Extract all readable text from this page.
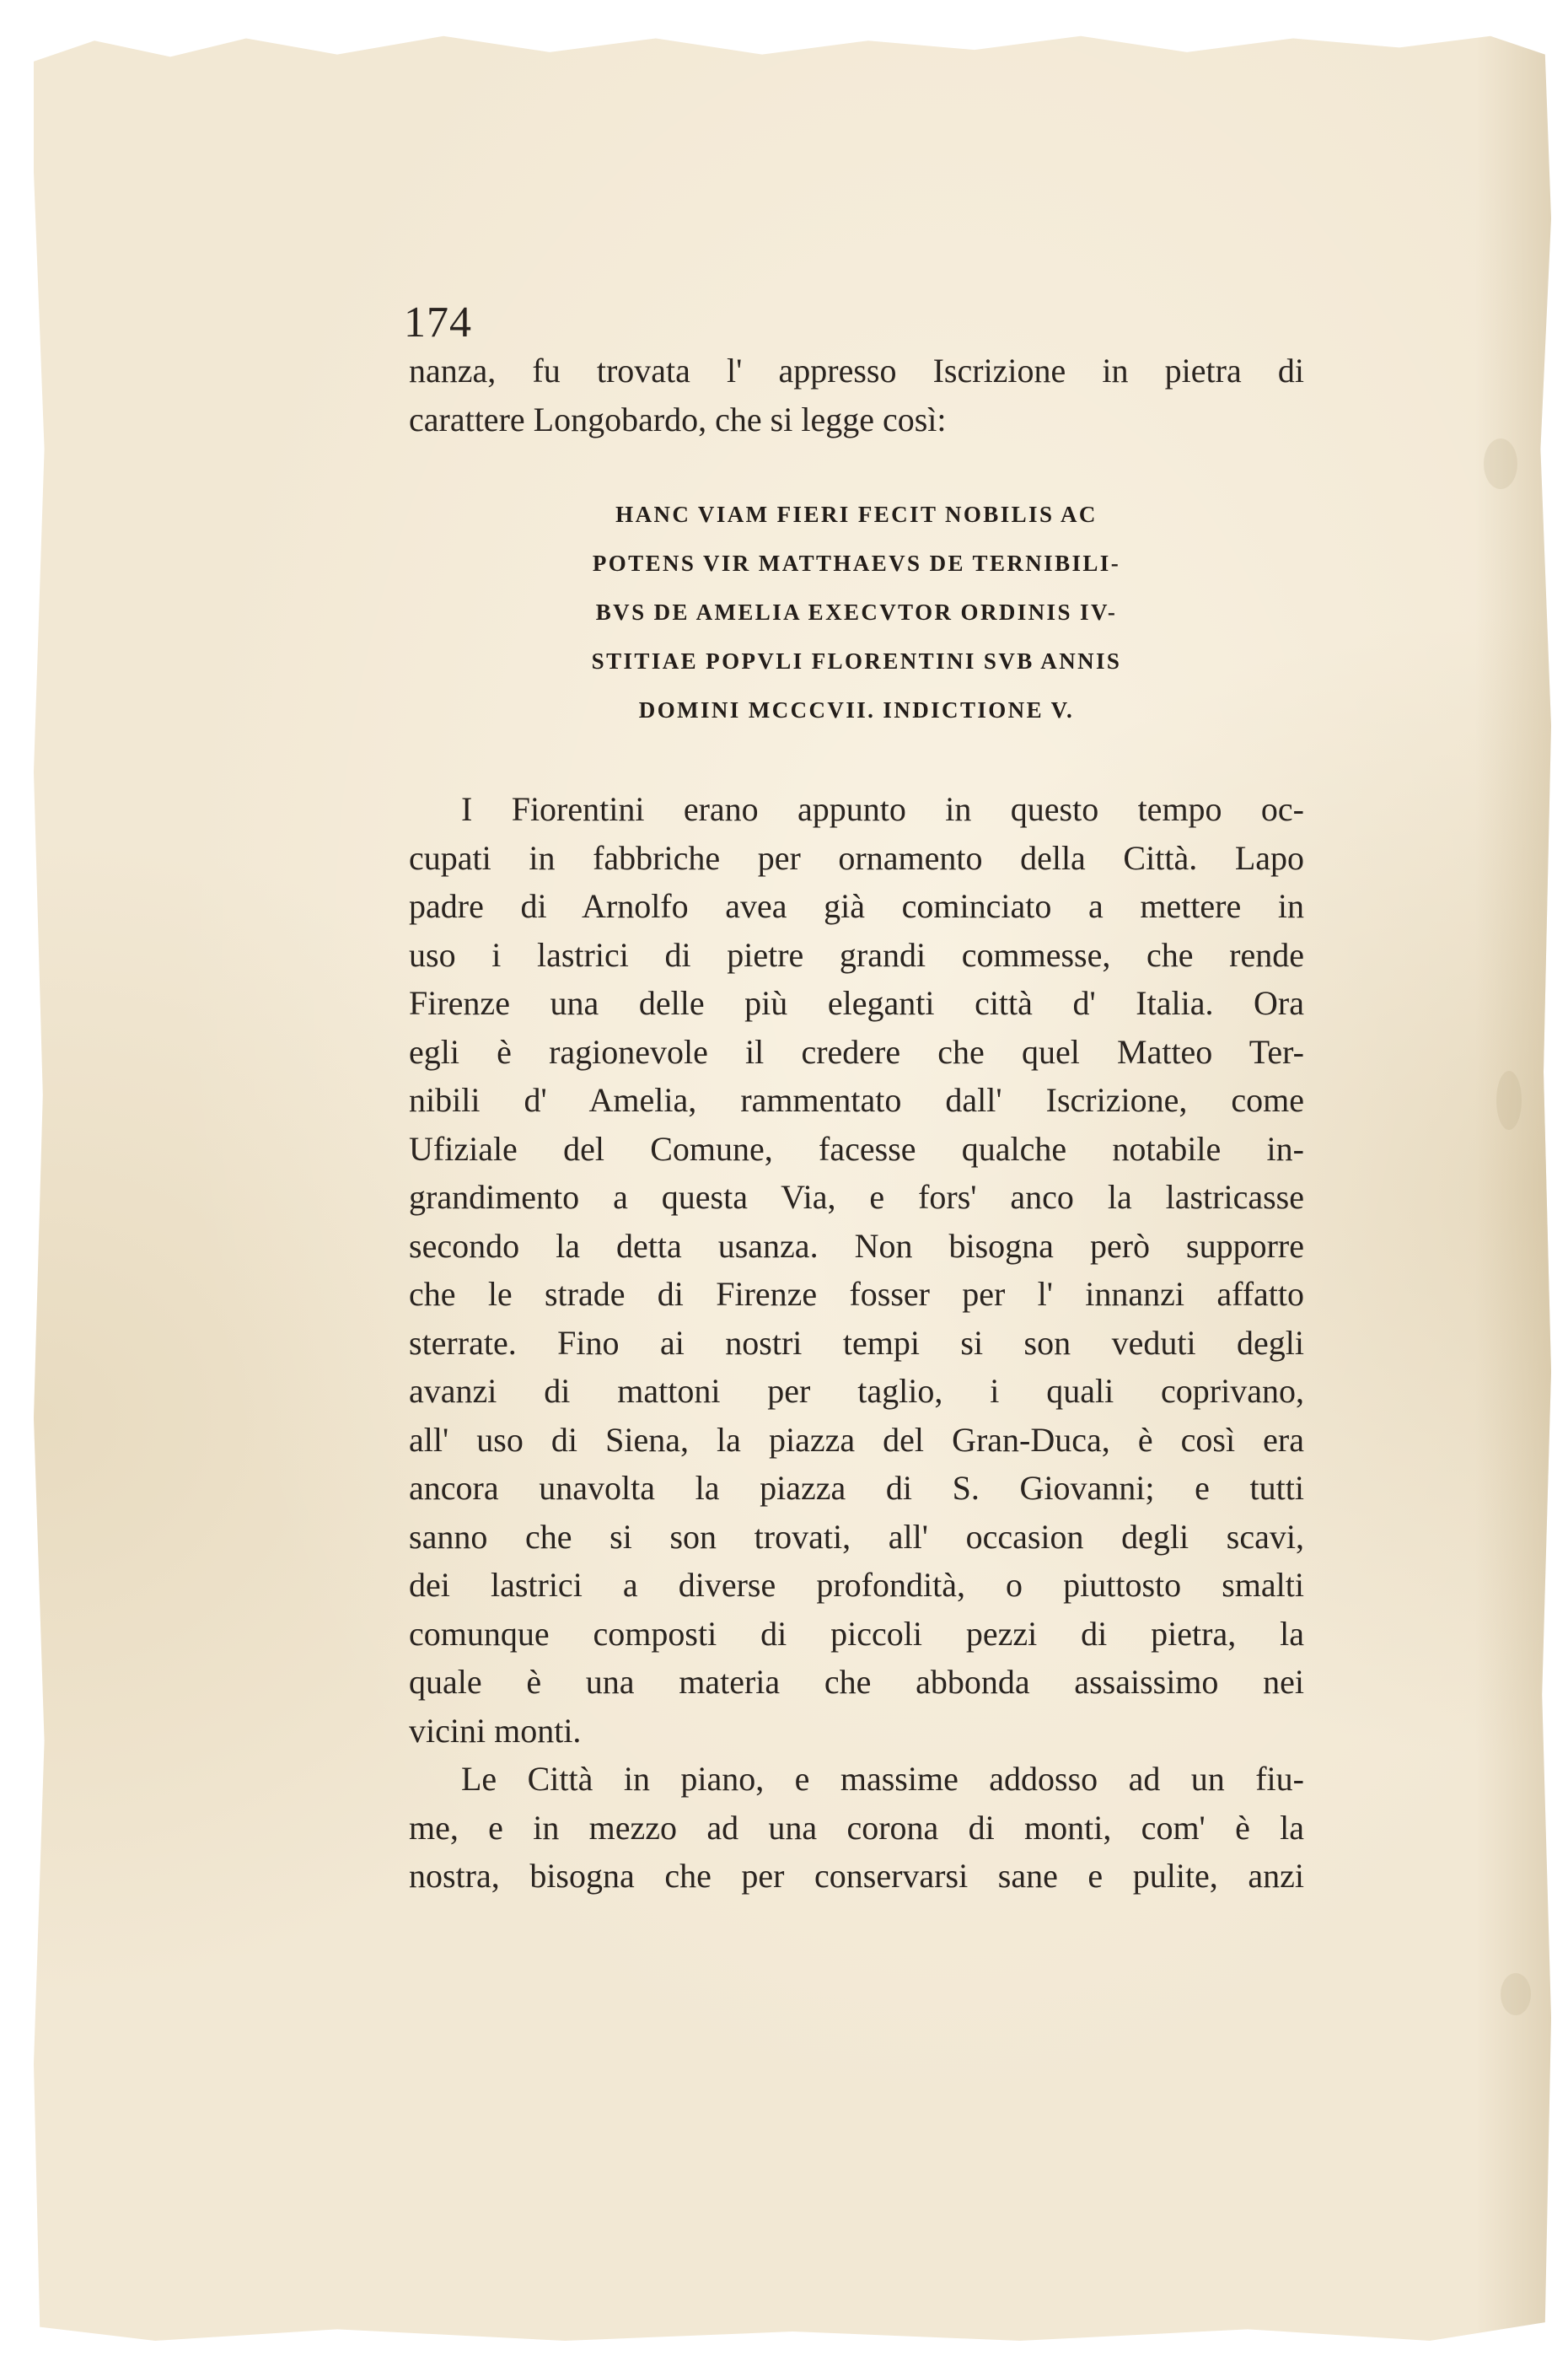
174
nanza, fu trovata l' appresso Iscrizione in pietra di
carattere Longobardo, che si legge così:
HANC VIAM FIERI FECIT NOBILIS AC
POTENS VIR MATTHAEVS DE TERNIBILI-
BVS DE AMELIA EXECVTOR ORDINIS IV-
STITIAE POPVLI FLORENTINI SVB ANNIS
DOMINI MCCCVII. INDICTIONE V.
I Fiorentini erano appunto in questo tempo oc-
cupati in fabbriche per ornamento della Città. Lapo
padre di Arnolfo avea già cominciato a mettere in
uso i lastrici di pietre grandi commesse, che rende
Firenze una delle più eleganti città d' Italia. Ora
egli è ragionevole il credere che quel Matteo Ter-
nibili d' Amelia, rammentato dall' Iscrizione, come
Ufiziale del Comune, facesse qualche notabile in-
grandimento a questa Via, e fors' anco la lastricasse
secondo la detta usanza. Non bisogna però supporre
che le strade di Firenze fosser per l' innanzi affatto
sterrate. Fino ai nostri tempi si son veduti degli
avanzi di mattoni per taglio, i quali coprivano,
all' uso di Siena, la piazza del Gran-Duca, è così era
ancora unavolta la piazza di S. Giovanni; e tutti
sanno che si son trovati, all' occasion degli scavi,
dei lastrici a diverse profondità, o piuttosto smalti
comunque composti di piccoli pezzi di pietra, la
quale è una materia che abbonda assaissimo nei
vicini monti.
Le Città in piano, e massime addosso ad un fiu-
me, e in mezzo ad una corona di monti, com' è la
nostra, bisogna che per conservarsi sane e pulite, anzi
